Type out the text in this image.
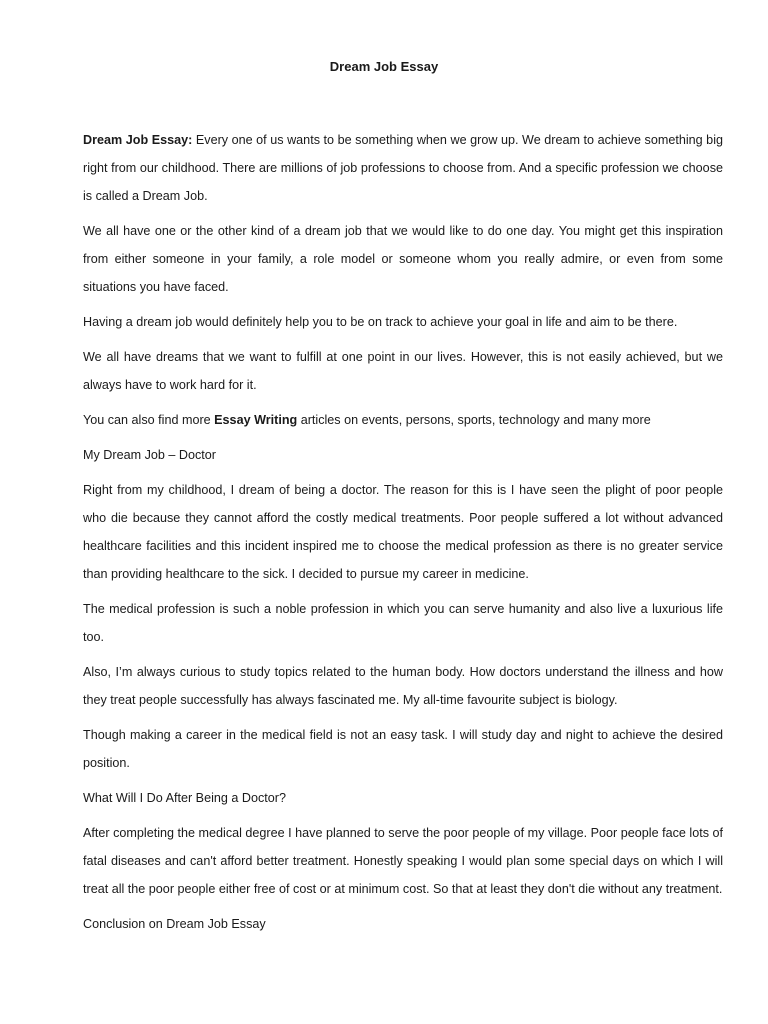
Dream Job Essay

Dream Job Essay: Every one of us wants to be something when we grow up. We dream to achieve something big right from our childhood. There are millions of job professions to choose from. And a specific profession we choose is called a Dream Job.

We all have one or the other kind of a dream job that we would like to do one day. You might get this inspiration from either someone in your family, a role model or someone whom you really admire, or even from some situations you have faced.

Having a dream job would definitely help you to be on track to achieve your goal in life and aim to be there.

We all have dreams that we want to fulfill at one point in our lives. However, this is not easily achieved, but we always have to work hard for it.

You can also find more Essay Writing articles on events, persons, sports, technology and many more

My Dream Job – Doctor

Right from my childhood, I dream of being a doctor. The reason for this is I have seen the plight of poor people who die because they cannot afford the costly medical treatments. Poor people suffered a lot without advanced healthcare facilities and this incident inspired me to choose the medical profession as there is no greater service than providing healthcare to the sick. I decided to pursue my career in medicine.

The medical profession is such a noble profession in which you can serve humanity and also live a luxurious life too.

Also, I’m always curious to study topics related to the human body. How doctors understand the illness and how they treat people successfully has always fascinated me. My all-time favourite subject is biology.

Though making a career in the medical field is not an easy task. I will study day and night to achieve the desired position.

What Will I Do After Being a Doctor?

After completing the medical degree I have planned to serve the poor people of my village. Poor people face lots of fatal diseases and can't afford better treatment. Honestly speaking I would plan some special days on which I will treat all the poor people either free of cost or at minimum cost. So that at least they don't die without any treatment.

Conclusion on Dream Job Essay
